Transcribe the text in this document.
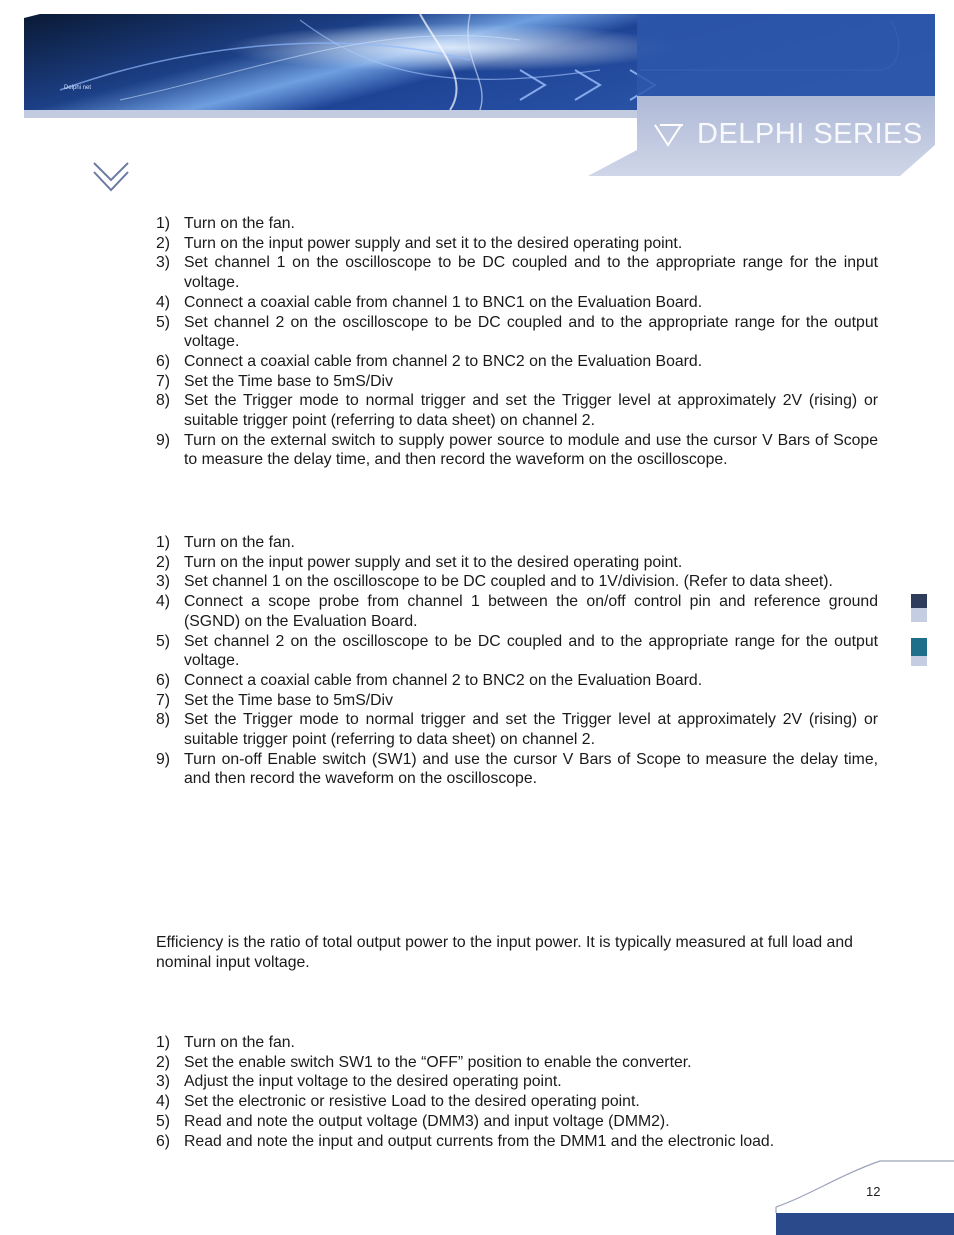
Delphi net
DELPHI SERIES
1) Turn on the fan.
2) Turn on the input power supply and set it to the desired operating point.
3) Set channel 1 on the oscilloscope to be DC coupled and to the appropriate range for the input voltage.
4) Connect a coaxial cable from channel 1 to BNC1 on the Evaluation Board.
5) Set channel 2 on the oscilloscope to be DC coupled and to the appropriate range for the output voltage.
6) Connect a coaxial cable from channel 2 to BNC2 on the Evaluation Board.
7) Set the Time base to 5mS/Div
8) Set the Trigger mode to normal trigger and set the Trigger level at approximately 2V (rising) or suitable trigger point (referring to data sheet) on channel 2.
9) Turn on the external switch to supply power source to module and use the cursor V Bars of Scope to measure the delay time, and then record the waveform on the oscilloscope.
1) Turn on the fan.
2) Turn on the input power supply and set it to the desired operating point.
3) Set channel 1 on the oscilloscope to be DC coupled and to 1V/division. (Refer to data sheet).
4) Connect a scope probe from channel 1 between the on/off control pin and reference ground (SGND) on the Evaluation Board.
5) Set channel 2 on the oscilloscope to be DC coupled and to the appropriate range for the output voltage.
6) Connect a coaxial cable from channel 2 to BNC2 on the Evaluation Board.
7) Set the Time base to 5mS/Div
8) Set the Trigger mode to normal trigger and set the Trigger level at approximately 2V (rising) or suitable trigger point (referring to data sheet) on channel 2.
9) Turn on-off Enable switch (SW1) and use the cursor V Bars of Scope to measure the delay time, and then record the waveform on the oscilloscope.

Efficiency is the ratio of total output power to the input power. It is typically measured at full load and nominal input voltage.

1) Turn on the fan.
2) Set the enable switch SW1 to the “OFF” position to enable the converter.
3) Adjust the input voltage to the desired operating point.
4) Set the electronic or resistive Load to the desired operating point.
5) Read and note the output voltage (DMM3) and input voltage (DMM2).
6) Read and note the input and output currents from the DMM1 and the electronic load.
12
